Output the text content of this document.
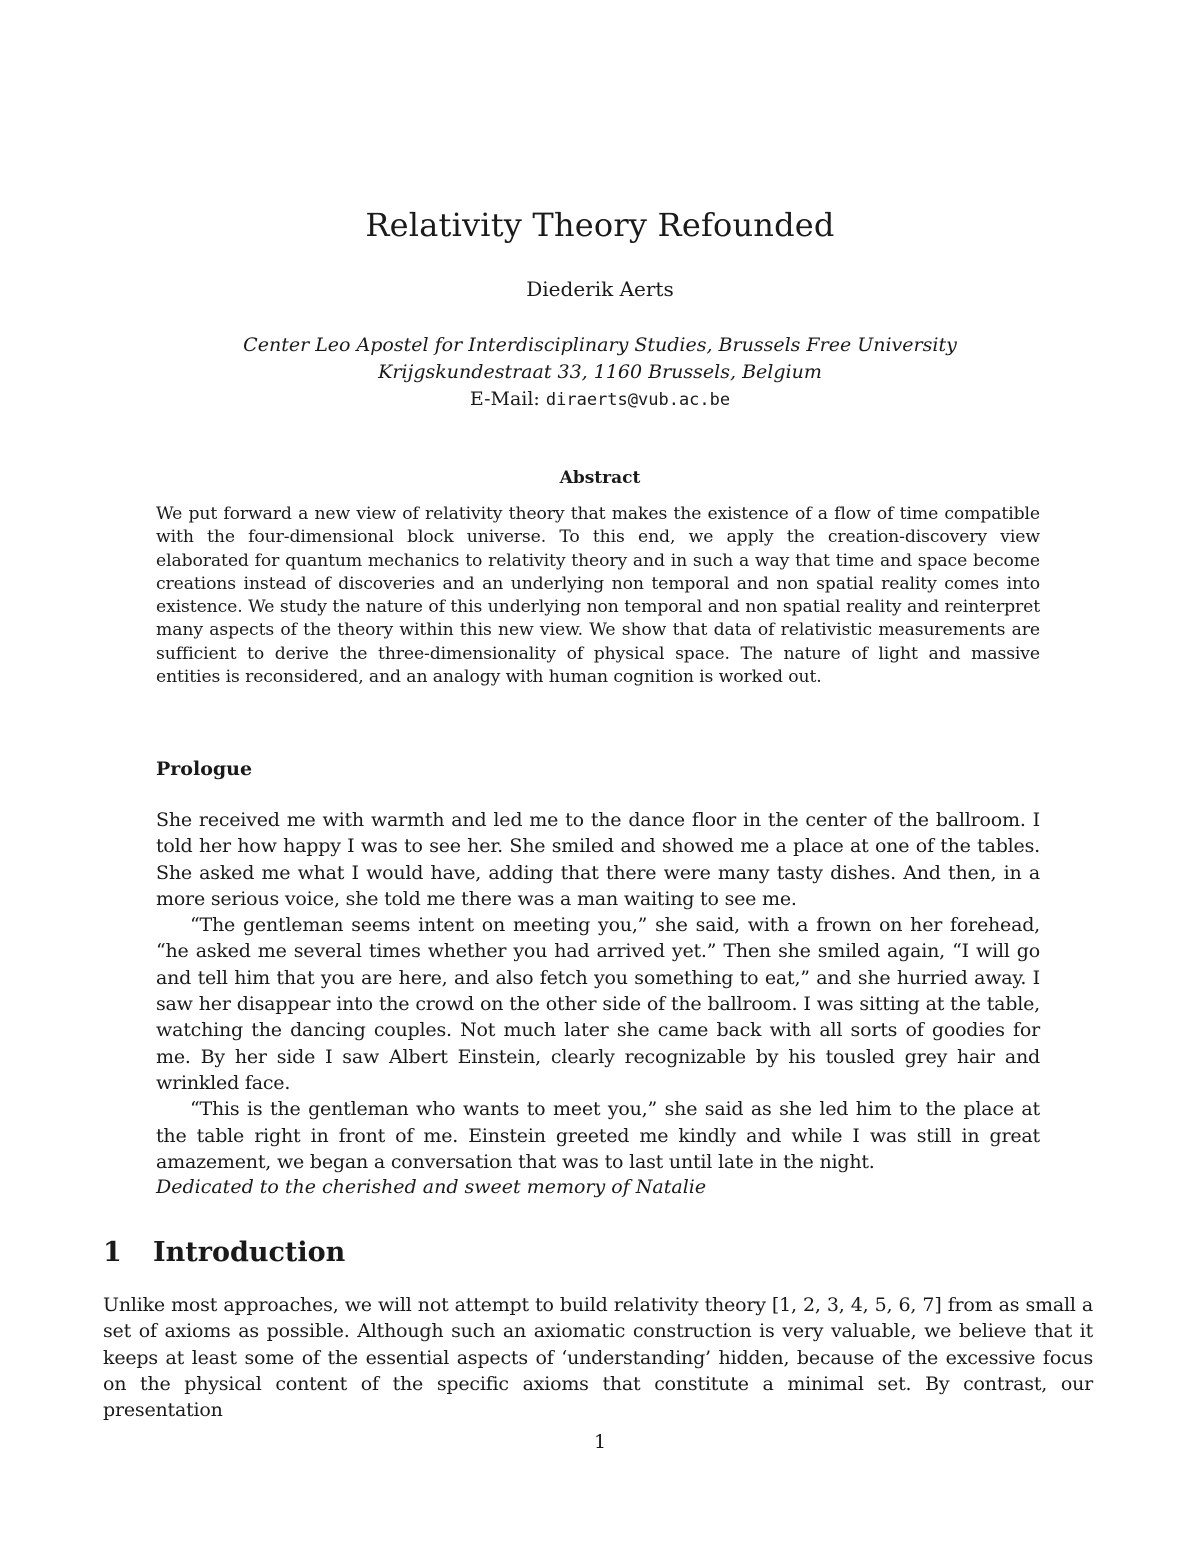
Relativity Theory Refounded
Diederik Aerts
Center Leo Apostel for Interdisciplinary Studies, Brussels Free University
Krijgskundestraat 33, 1160 Brussels, Belgium
E-Mail: diraerts@vub.ac.be
Abstract
We put forward a new view of relativity theory that makes the existence of a flow of time compatible with the four-dimensional block universe. To this end, we apply the creation-discovery view elaborated for quantum mechanics to relativity theory and in such a way that time and space become creations instead of discoveries and an underlying non temporal and non spatial reality comes into existence. We study the nature of this underlying non temporal and non spatial reality and reinterpret many aspects of the theory within this new view. We show that data of relativistic measurements are sufficient to derive the three-dimensionality of physical space. The nature of light and massive entities is reconsidered, and an analogy with human cognition is worked out.
Prologue

She received me with warmth and led me to the dance floor in the center of the ballroom. I told her how happy I was to see her. She smiled and showed me a place at one of the tables. She asked me what I would have, adding that there were many tasty dishes. And then, in a more serious voice, she told me there was a man waiting to see me.

“The gentleman seems intent on meeting you,” she said, with a frown on her forehead, “he asked me several times whether you had arrived yet.” Then she smiled again, “I will go and tell him that you are here, and also fetch you something to eat,” and she hurried away. I saw her disappear into the crowd on the other side of the ballroom. I was sitting at the table, watching the dancing couples. Not much later she came back with all sorts of goodies for me. By her side I saw Albert Einstein, clearly recognizable by his tousled grey hair and wrinkled face.

“This is the gentleman who wants to meet you,” she said as she led him to the place at the table right in front of me. Einstein greeted me kindly and while I was still in great amazement, we began a conversation that was to last until late in the night.

Dedicated to the cherished and sweet memory of Natalie
1 Introduction
Unlike most approaches, we will not attempt to build relativity theory [1, 2, 3, 4, 5, 6, 7] from as small a set of axioms as possible. Although such an axiomatic construction is very valuable, we believe that it keeps at least some of the essential aspects of ‘understanding’ hidden, because of the excessive focus on the physical content of the specific axioms that constitute a minimal set. By contrast, our presentation
1
